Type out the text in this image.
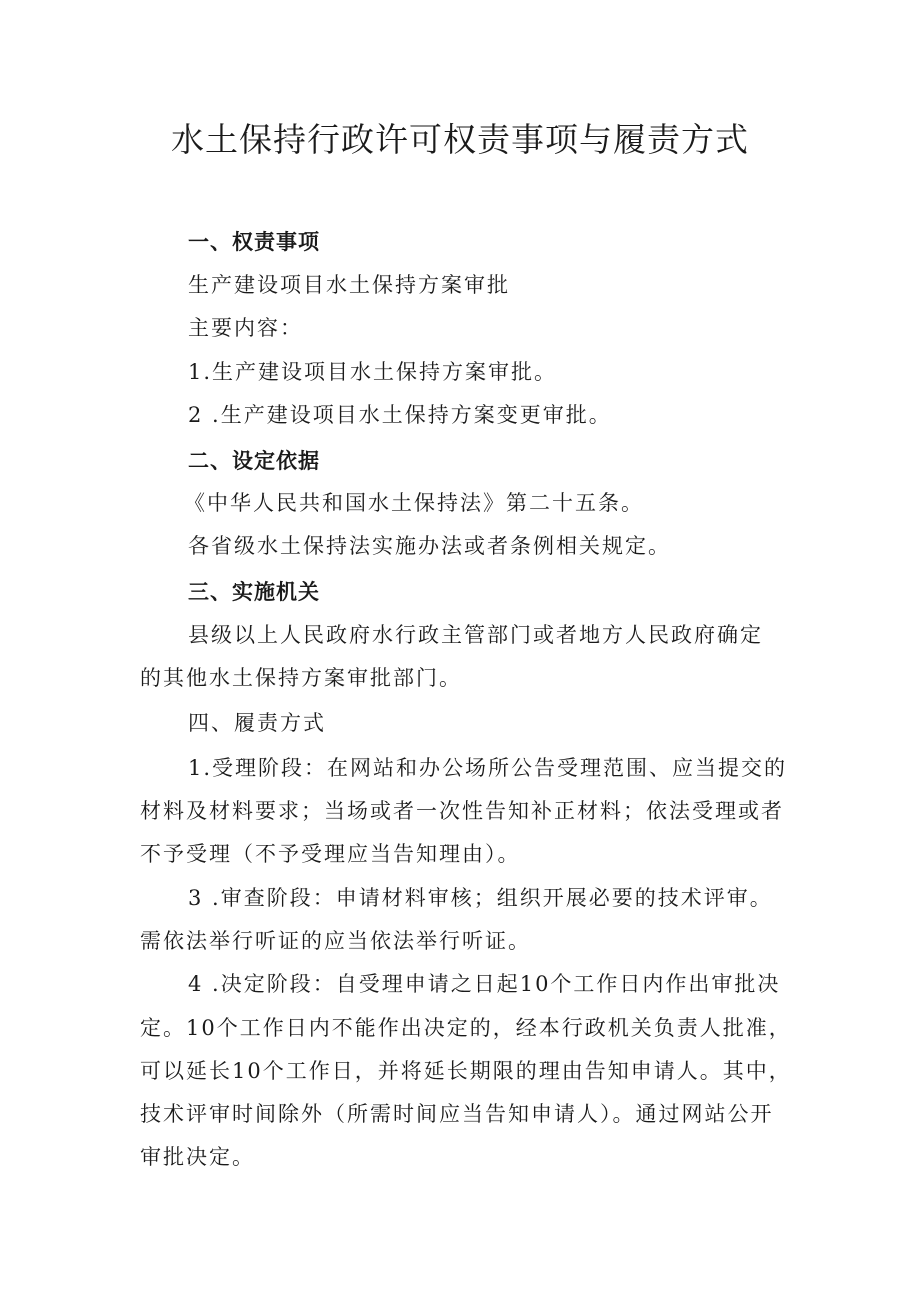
水土保持行政许可权责事项与履责方式
一、权责事项
生产建设项目水土保持方案审批
主要内容：
1.生产建设项目水土保持方案审批。
2 .生产建设项目水土保持方案变更审批。
二、设定依据
《中华人民共和国水土保持法》第二十五条。
各省级水土保持法实施办法或者条例相关规定。
三、实施机关
县级以上人民政府水行政主管部门或者地方人民政府确定
的其他水土保持方案审批部门。
四、履责方式
1.受理阶段：在网站和办公场所公告受理范围、应当提交的
材料及材料要求；当场或者一次性告知补正材料；依法受理或者
不予受理（不予受理应当告知理由）。
3 .审查阶段：申请材料审核；组织开展必要的技术评审。
需依法举行听证的应当依法举行听证。
4 .决定阶段：自受理申请之日起10个工作日内作出审批决
定。10个工作日内不能作出决定的，经本行政机关负责人批准，
可以延长10个工作日，并将延长期限的理由告知申请人。其中，
技术评审时间除外（所需时间应当告知申请人）。通过网站公开
审批决定。
